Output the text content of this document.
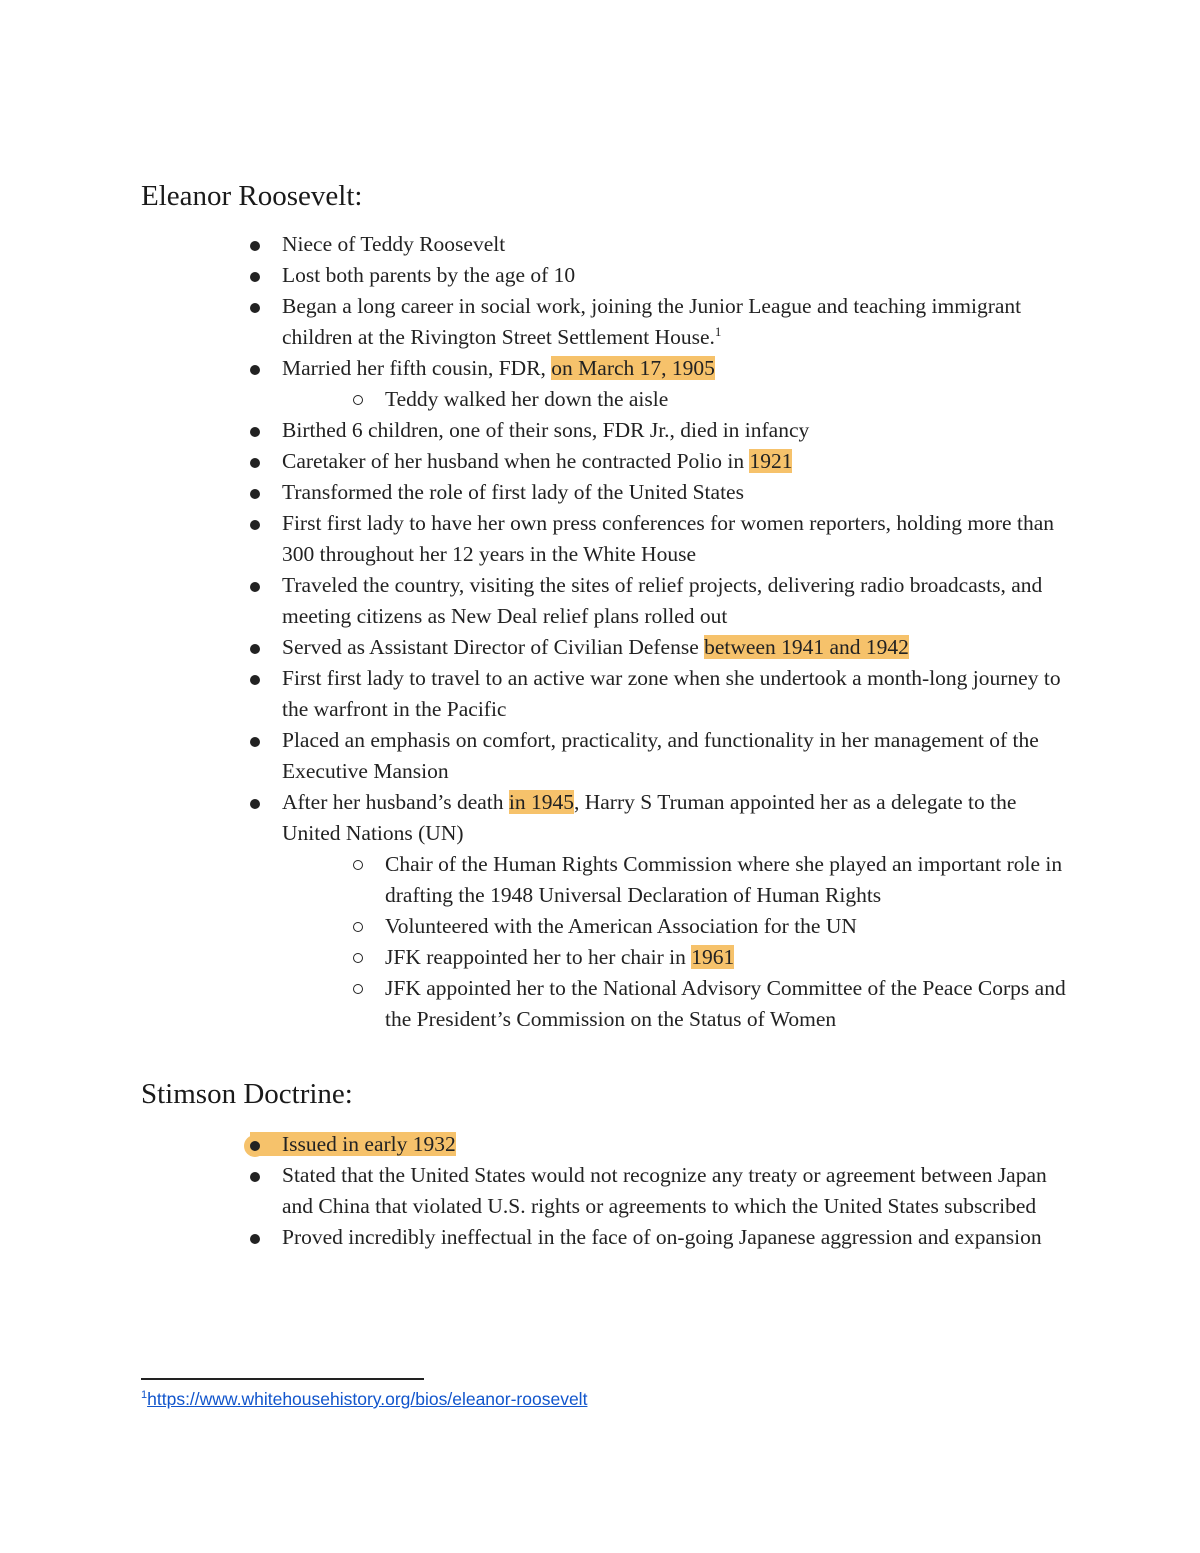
Eleanor Roosevelt:
Niece of Teddy Roosevelt
Lost both parents by the age of 10
Began a long career in social work, joining the Junior League and teaching immigrant children at the Rivington Street Settlement House.$^1$
Married her fifth cousin, FDR, on March 17, 1905
Teddy walked her down the aisle
Birthed 6 children, one of their sons, FDR Jr., died in infancy
Caretaker of her husband when he contracted Polio in 1921
Transformed the role of first lady of the United States
First first lady to have her own press conferences for women reporters, holding more than 300 throughout her 12 years in the White House
Traveled the country, visiting the sites of relief projects, delivering radio broadcasts, and meeting citizens as New Deal relief plans rolled out
Served as Assistant Director of Civilian Defense between 1941 and 1942
First first lady to travel to an active war zone when she undertook a month-long journey to the warfront in the Pacific
Placed an emphasis on comfort, practicality, and functionality in her management of the Executive Mansion
After her husband’s death in 1945, Harry S Truman appointed her as a delegate to the United Nations (UN)
Chair of the Human Rights Commission where she played an important role in drafting the 1948 Universal Declaration of Human Rights
Volunteered with the American Association for the UN
JFK reappointed her to her chair in 1961
JFK appointed her to the National Advisory Committee of the Peace Corps and the President’s Commission on the Status of Women
Stimson Doctrine:
Issued in early 1932
Stated that the United States would not recognize any treaty or agreement between Japan and China that violated U.S. rights or agreements to which the United States subscribed
Proved incredibly ineffectual in the face of on-going Japanese aggression and expansion
$^1$https://www.whitehousehistory.org/bios/eleanor-roosevelt
